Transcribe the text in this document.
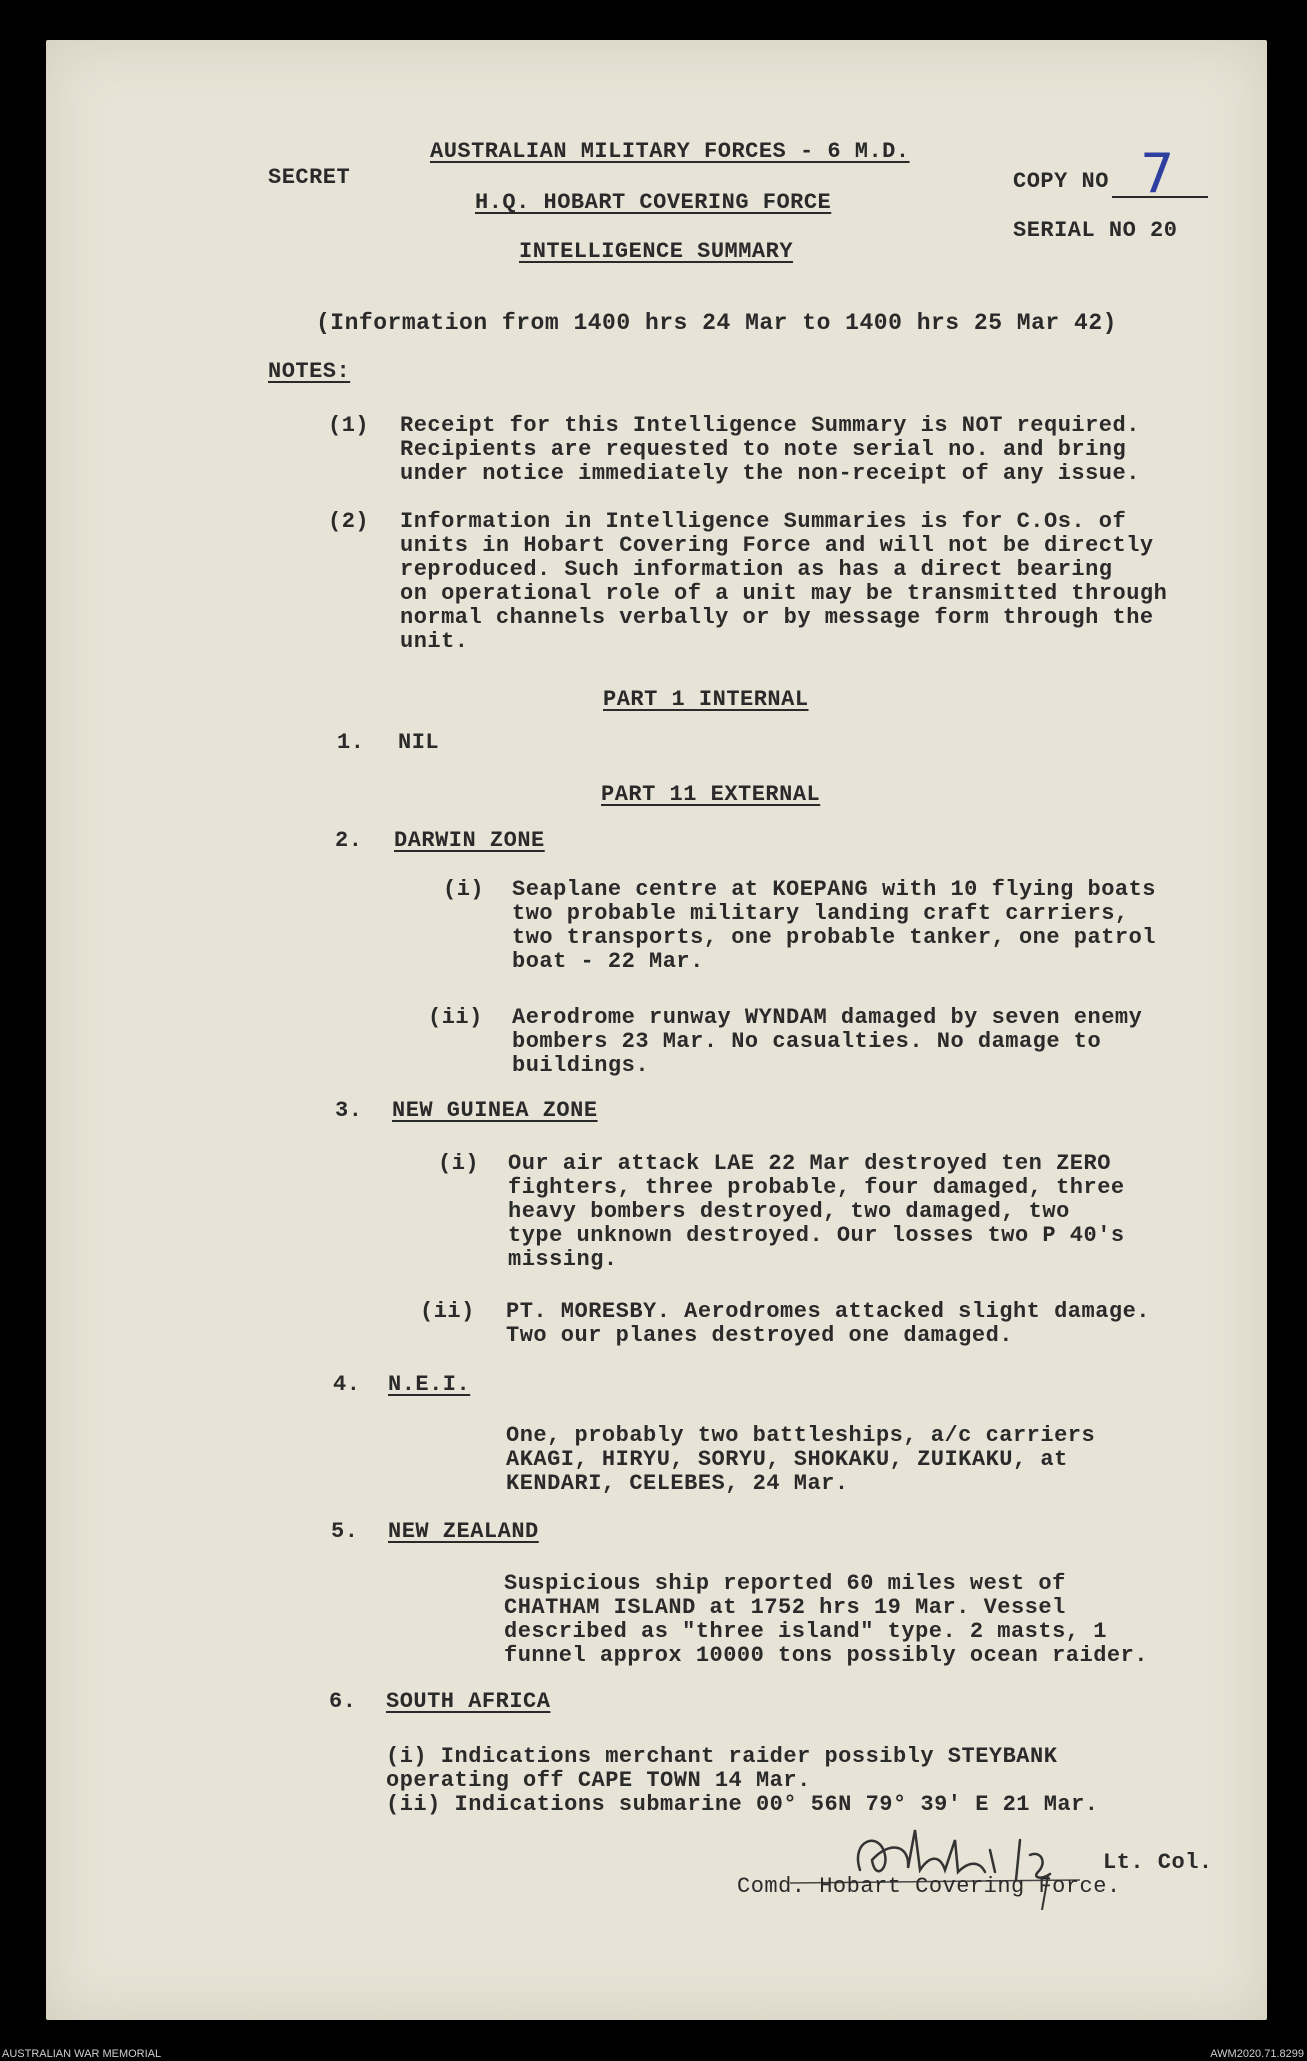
SECRET
AUSTRALIAN MILITARY FORCES - 6 M.D.
H.Q. HOBART COVERING FORCE
INTELLIGENCE SUMMARY
COPY NO 7
SERIAL NO 20
(Information from 1400 hrs 24 Mar to 1400 hrs 25 Mar 42)
NOTES:
(1) Receipt for this Intelligence Summary is NOT required.
Recipients are requested to note serial no. and bring
under notice immediately the non-receipt of any issue.
(2) Information in Intelligence Summaries is for C.Os. of
units in Hobart Covering Force and will not be directly
reproduced. Such information as has a direct bearing
on operational role of a unit may be transmitted through
normal channels verbally or by message form through the
unit.
PART 1 INTERNAL
1. NIL
PART 11 EXTERNAL
2. DARWIN ZONE
(i) Seaplane centre at KOEPANG with 10 flying boats
two probable military landing craft carriers,
two transports, one probable tanker, one patrol
boat - 22 Mar.
(ii) Aerodrome runway WYNDAM damaged by seven enemy
bombers 23 Mar. No casualties. No damage to
buildings.
3. NEW GUINEA ZONE
(i) Our air attack LAE 22 Mar destroyed ten ZERO
fighters, three probable, four damaged, three
heavy bombers destroyed, two damaged, two
type unknown destroyed. Our losses two P 40's
missing.
(ii) PT. MORESBY. Aerodromes attacked slight damage.
Two our planes destroyed one damaged.
4. N.E.I.
One, probably two battleships, a/c carriers
AKAGI, HIRYU, SORYU, SHOKAKU, ZUIKAKU, at
KENDARI, CELEBES, 24 Mar.
5. NEW ZEALAND
Suspicious ship reported 60 miles west of
CHATHAM ISLAND at 1752 hrs 19 Mar. Vessel
described as "three island" type. 2 masts, 1
funnel approx 10000 tons possibly ocean raider.
6. SOUTH AFRICA
(i) Indications merchant raider possibly STEYBANK
operating off CAPE TOWN 14 Mar.
(ii) Indications submarine 00° 56N 79° 39' E 21 Mar.
Lt. Col.
Comd. Hobart Covering Force.
AUSTRALIAN WAR MEMORIAL	AWM2020.71.8299
